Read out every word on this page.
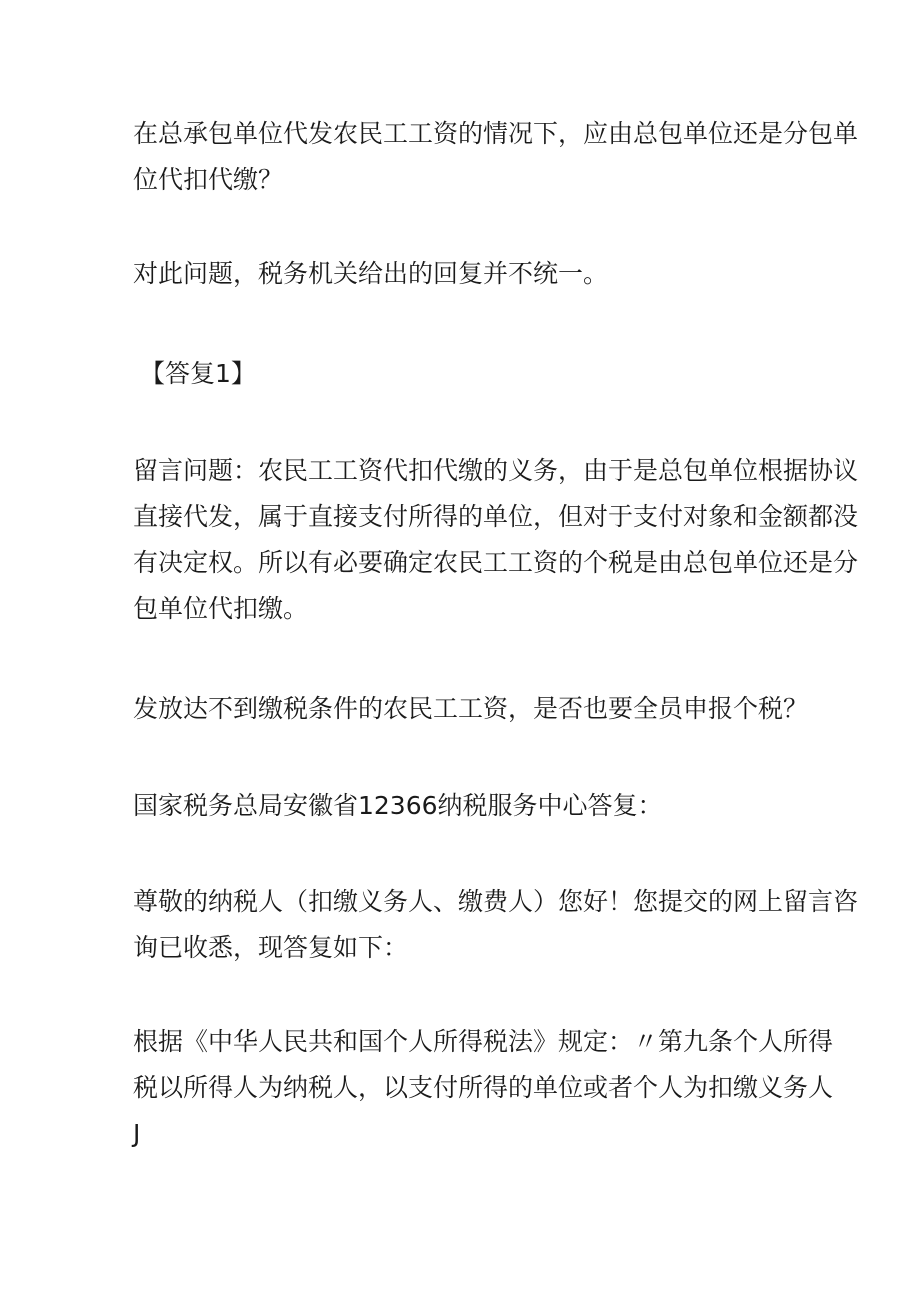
在总承包单位代发农民工工资的情况下，应由总包单位还是分包单
位代扣代缴？

对此问题，税务机关给出的回复并不统一。

【答复1】

留言问题：农民工工资代扣代缴的义务，由于是总包单位根据协议
直接代发，属于直接支付所得的单位，但对于支付对象和金额都没
有决定权。所以有必要确定农民工工资的个税是由总包单位还是分
包单位代扣缴。

发放达不到缴税条件的农民工工资，是否也要全员申报个税？

国家税务总局安徽省12366纳税服务中心答复：

尊敬的纳税人（扣缴义务人、缴费人）您好！您提交的网上留言咨
询已收悉，现答复如下：

根据《中华人民共和国个人所得税法》规定：〃第九条个人所得
税以所得人为纳税人，以支付所得的单位或者个人为扣缴义务人
J
